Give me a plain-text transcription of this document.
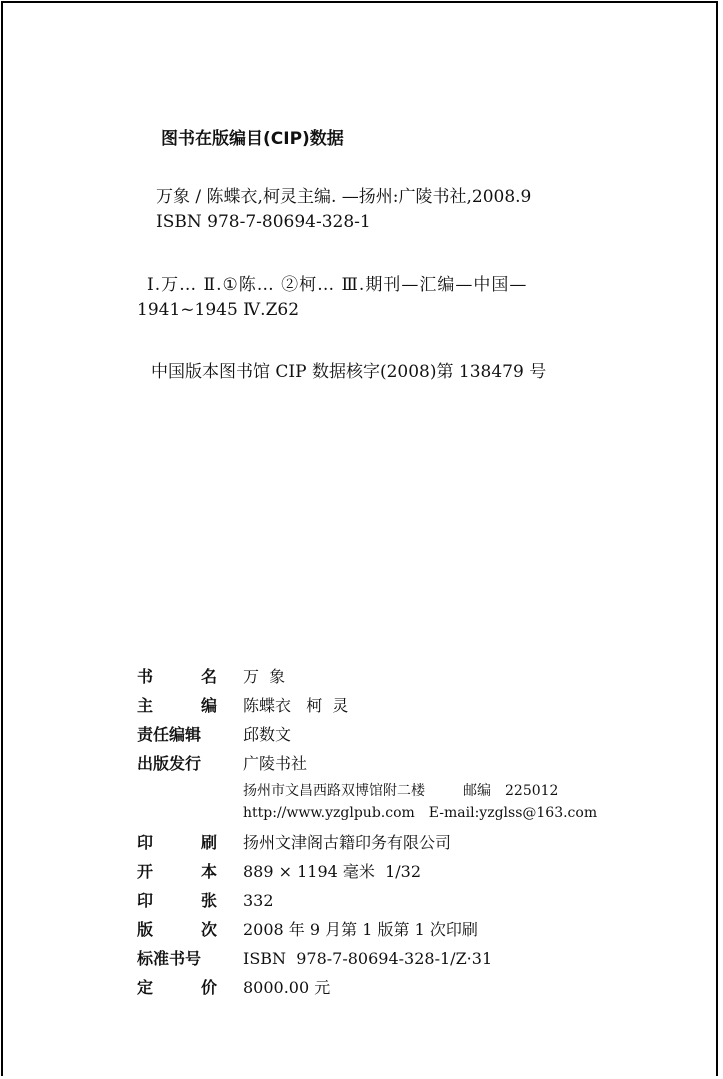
图书在版编目(CIP)数据
万象 / 陈蝶衣,柯灵主编. —扬州:广陵书社,2008.9
ISBN 978-7-80694-328-1
Ⅰ.万… Ⅱ.①陈… ②柯… Ⅲ.期刊—汇编—中国—
1941~1945 Ⅳ.Z62
中国版本图书馆 CIP 数据核字(2008)第 138479 号
书	名 万  象
主	编 陈蝶衣   柯  灵
责任编辑	邱数文
出版发行	广陵书社
扬州市文昌西路双博馆附二楼	邮编 225012
http://www.yzglpub.com E-mail:yzglss@163.com
印	刷 扬州文津阁古籍印务有限公司
开	本 889 × 1194 毫米  1/32
印	张 332
版	次 2008 年 9 月第 1 版第 1 次印刷
标准书号	ISBN  978-7-80694-328-1/Z·31
定	价 8000.00 元
